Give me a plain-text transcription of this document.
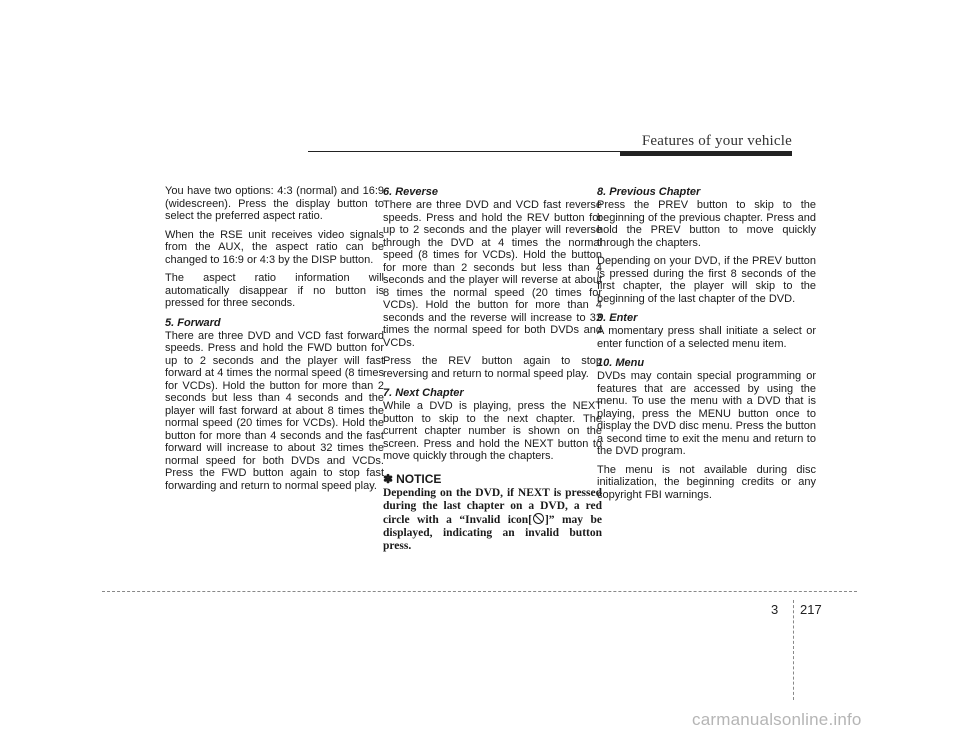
Features of your vehicle

You have two options: 4:3 (normal) and 16:9 (widescreen). Press the display button to select the preferred aspect ratio.

When the RSE unit receives video signals from the AUX, the aspect ratio can be changed to 16:9 or 4:3 by the DISP button.

The aspect ratio information will automatically disappear if no button is pressed for three seconds.

5. Forward

There are three DVD and VCD fast forward speeds. Press and hold the FWD button for up to 2 seconds and the player will fast forward at 4 times the normal speed (8 times for VCDs). Hold the button for more than 2 seconds but less than 4 seconds and the player will fast forward at about 8 times the normal speed (20 times for VCDs). Hold the button for more than 4 seconds and the fast forward will increase to about 32 times the normal speed for both DVDs and VCDs. Press the FWD button again to stop fast forwarding and return to normal speed play.

6. Reverse

There are three DVD and VCD fast reverse speeds. Press and hold the REV button for up to 2 seconds and the player will reverse through the DVD at 4 times the normal speed (8 times for VCDs). Hold the button for more than 2 seconds but less than 4 seconds and the player will reverse at about 8 times the normal speed (20 times for VCDs). Hold the button for more than 4 seconds and the reverse will increase to 32 times the normal speed for both DVDs and VCDs.

Press the REV button again to stop reversing and return to normal speed play.

7. Next Chapter

While a DVD is playing, press the NEXT button to skip to the next chapter. The current chapter number is shown on the screen. Press and hold the NEXT button to move quickly through the chapters.

✽ NOTICE
Depending on the DVD, if NEXT is pressed during the last chapter on a DVD, a red circle with a “Invalid icon[ ]” may be displayed, indicating an invalid button press.
8. Previous Chapter

Press the PREV button to skip to the beginning of the previous chapter. Press and hold the PREV button to move quickly through the chapters.

Depending on your DVD, if the PREV button is pressed during the first 8 seconds of the first chapter, the player will skip to the beginning of the last chapter of the DVD.

9. Enter

A momentary press shall initiate a select or enter function of a selected menu item.

10. Menu

DVDs may contain special programming or features that are accessed by using the menu. To use the menu with a DVD that is playing, press the MENU button once to display the DVD disc menu. Press the button a second time to exit the menu and return to the DVD program.

The menu is not available during disc initialization, the beginning credits or any copyright FBI warnings.

3 217
carmanualsonline.info
